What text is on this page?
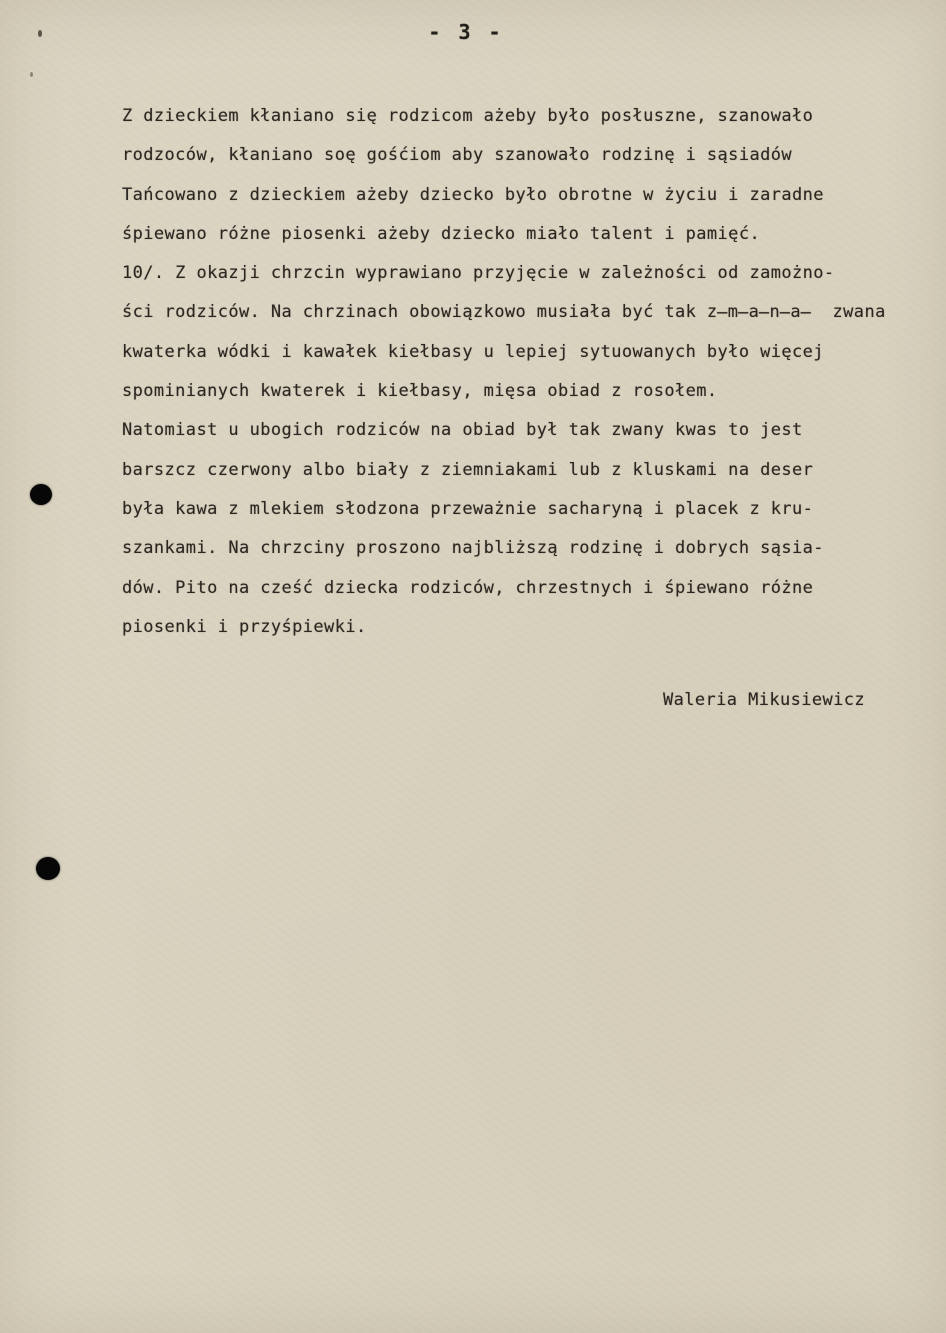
- 3 -
Z dzieckiem kłaniano się rodzicom ażeby było posłuszne, szanowało
rodzoców, kłaniano soę gośćiom aby szanowało rodzinę i sąsiadów
Tańcowano z dzieckiem ażeby dziecko było obrotne w życiu i zaradne
śpiewano różne piosenki ażeby dziecko miało talent i pamięć.
10/. Z okazji chrzcin wyprawiano przyjęcie w zależności od zamożno-
ści rodziców. Na chrzinach obowiązkowo musiała być tak z̶m̶a̶n̶a̶  zwana
kwaterka wódki i kawałek kiełbasy u lepiej sytuowanych było więcej
spominianych kwaterek i kiełbasy, mięsa obiad z rosołem.
Natomiast u ubogich rodziców na obiad był tak zwany kwas to jest
barszcz czerwony albo biały z ziemniakami lub z kluskami na deser
była kawa z mlekiem słodzona przeważnie sacharyną i placek z kru-
szankami. Na chrzciny proszono najbliższą rodzinę i dobrych sąsia-
dów. Pito na cześć dziecka rodziców, chrzestnych i śpiewano różne
piosenki i przyśpiewki.
Waleria Mikusiewicz
